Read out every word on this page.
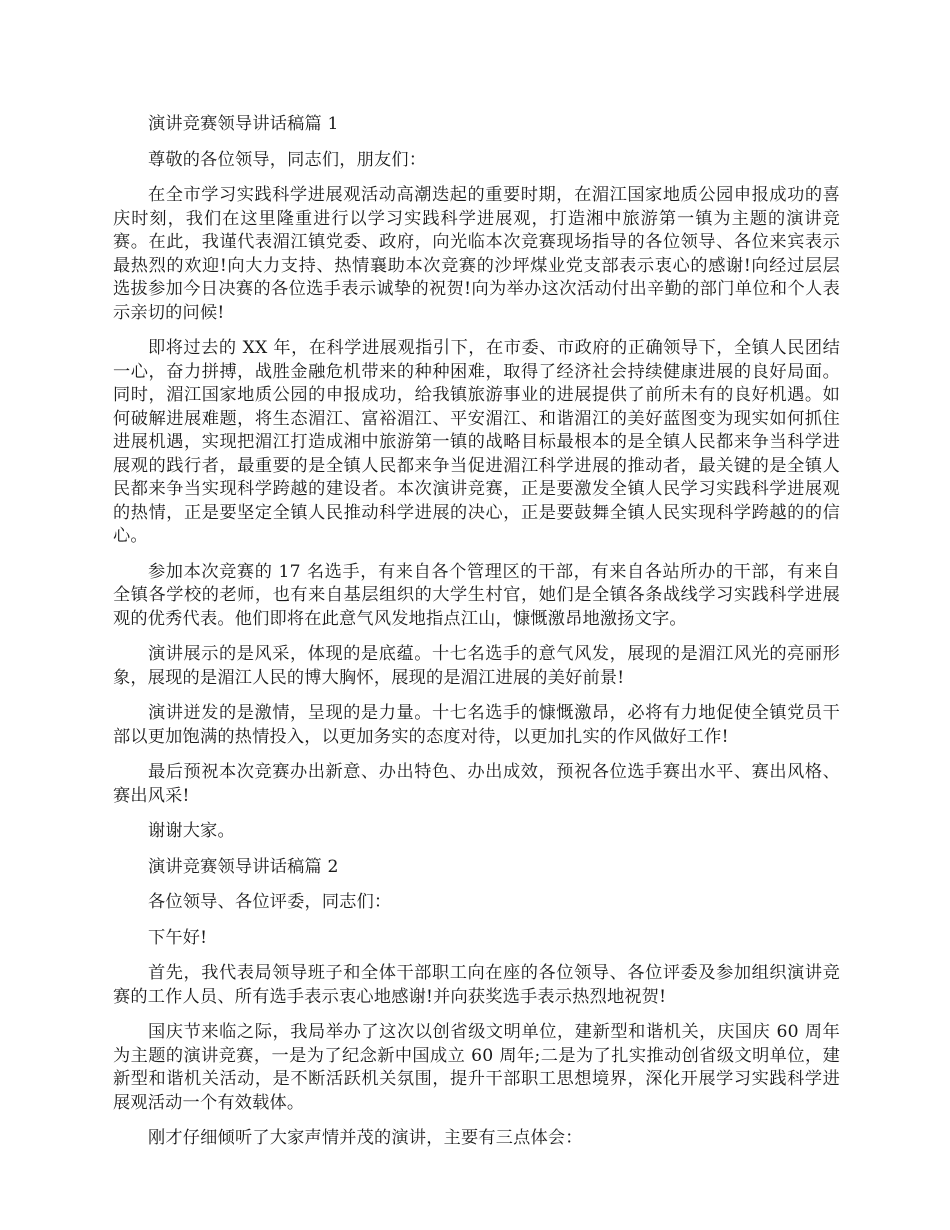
演讲竞赛领导讲话稿篇 1

尊敬的各位领导，同志们，朋友们：

在全市学习实践科学进展观活动高潮迭起的重要时期，在湄江国家地质公园申报成功的喜庆时刻，我们在这里隆重进行以学习实践科学进展观，打造湘中旅游第一镇为主题的演讲竞赛。在此，我谨代表湄江镇党委、政府，向光临本次竞赛现场指导的各位领导、各位来宾表示最热烈的欢迎!向大力支持、热情襄助本次竞赛的沙坪煤业党支部表示衷心的感谢!向经过层层选拔参加今日决赛的各位选手表示诚挚的祝贺!向为举办这次活动付出辛勤的部门单位和个人表示亲切的问候!

即将过去的 XX 年，在科学进展观指引下，在市委、市政府的正确领导下，全镇人民团结一心，奋力拼搏，战胜金融危机带来的种种困难，取得了经济社会持续健康进展的良好局面。同时，湄江国家地质公园的申报成功，给我镇旅游事业的进展提供了前所未有的良好机遇。如何破解进展难题，将生态湄江、富裕湄江、平安湄江、和谐湄江的美好蓝图变为现实如何抓住进展机遇，实现把湄江打造成湘中旅游第一镇的战略目标最根本的是全镇人民都来争当科学进展观的践行者，最重要的是全镇人民都来争当促进湄江科学进展的推动者，最关键的是全镇人民都来争当实现科学跨越的建设者。本次演讲竞赛，正是要激发全镇人民学习实践科学进展观的热情，正是要坚定全镇人民推动科学进展的决心，正是要鼓舞全镇人民实现科学跨越的的信心。

参加本次竞赛的 17 名选手，有来自各个管理区的干部，有来自各站所办的干部，有来自全镇各学校的老师，也有来自基层组织的大学生村官，她们是全镇各条战线学习实践科学进展观的优秀代表。他们即将在此意气风发地指点江山，慷慨激昂地激扬文字。

演讲展示的是风采，体现的是底蕴。十七名选手的意气风发，展现的是湄江风光的亮丽形象，展现的是湄江人民的博大胸怀，展现的是湄江进展的美好前景!

演讲迸发的是激情，呈现的是力量。十七名选手的慷慨激昂，必将有力地促使全镇党员干部以更加饱满的热情投入，以更加务实的态度对待，以更加扎实的作风做好工作!

最后预祝本次竞赛办出新意、办出特色、办出成效，预祝各位选手赛出水平、赛出风格、赛出风采!

谢谢大家。

演讲竞赛领导讲话稿篇 2

各位领导、各位评委，同志们：

下午好!

首先，我代表局领导班子和全体干部职工向在座的各位领导、各位评委及参加组织演讲竞赛的工作人员、所有选手表示衷心地感谢!并向获奖选手表示热烈地祝贺!

国庆节来临之际，我局举办了这次以创省级文明单位，建新型和谐机关，庆国庆 60 周年为主题的演讲竞赛，一是为了纪念新中国成立 60 周年;二是为了扎实推动创省级文明单位，建新型和谐机关活动，是不断活跃机关氛围，提升干部职工思想境界，深化开展学习实践科学进展观活动一个有效载体。

刚才仔细倾听了大家声情并茂的演讲，主要有三点体会：
